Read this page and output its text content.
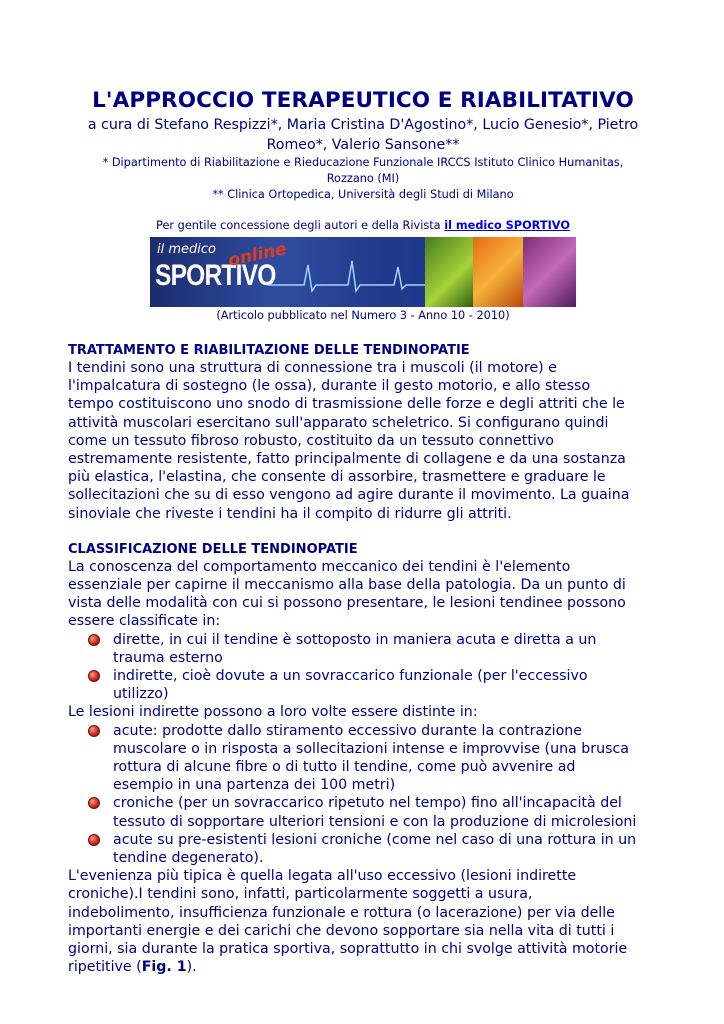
L'APPROCCIO TERAPEUTICO E RIABILITATIVO
a cura di Stefano Respizzi*, Maria Cristina D'Agostino*, Lucio Genesio*, Pietro
Romeo*, Valerio Sansone**
* Dipartimento di Riabilitazione e Rieducazione Funzionale IRCCS Istituto Clinico Humanitas,
Rozzano (MI)
** Clinica Ortopedica, Università degli Studi di Milano
Per gentile concessione degli autori e della Rivista il medico SPORTIVO
il medico
SPORTIVO
online
(Articolo pubblicato nel Numero 3 - Anno 10 - 2010)
TRATTAMENTO E RIABILITAZIONE DELLE TENDINOPATIE

I tendini sono una struttura di connessione tra i muscoli (il motore) e
l'impalcatura di sostegno (le ossa), durante il gesto motorio, e allo stesso
tempo costituiscono uno snodo di trasmissione delle forze e degli attriti che le
attività muscolari esercitano sull'apparato scheletrico. Si configurano quindi
come un tessuto fibroso robusto, costituito da un tessuto connettivo
estremamente resistente, fatto principalmente di collagene e da una sostanza
più elastica, l'elastina, che consente di assorbire, trasmettere e graduare le
sollecitazioni che su di esso vengono ad agire durante il movimento. La guaina
sinoviale che riveste i tendini ha il compito di ridurre gli attriti.

CLASSIFICAZIONE DELLE TENDINOPATIE

La conoscenza del comportamento meccanico dei tendini è l'elemento
essenziale per capirne il meccanismo alla base della patologia. Da un punto di
vista delle modalità con cui si possono presentare, le lesioni tendinee possono
essere classificate in:

dirette, in cui il tendine è sottoposto in maniera acuta e diretta a un
trauma esterno
indirette, cioè dovute a un sovraccarico funzionale (per l'eccessivo
utilizzo)

Le lesioni indirette possono a loro volte essere distinte in:

acute: prodotte dallo stiramento eccessivo durante la contrazione
muscolare o in risposta a sollecitazioni intense e improvvise (una brusca
rottura di alcune fibre o di tutto il tendine, come può avvenire ad
esempio in una partenza dei 100 metri)
croniche (per un sovraccarico ripetuto nel tempo) fino all'incapacità del
tessuto di sopportare ulteriori tensioni e con la produzione di microlesioni
acute su pre-esistenti lesioni croniche (come nel caso di una rottura in un
tendine degenerato).

L'evenienza più tipica è quella legata all'uso eccessivo (lesioni indirette
croniche).I tendini sono, infatti, particolarmente soggetti a usura,
indebolimento, insufficienza funzionale e rottura (o lacerazione) per via delle
importanti energie e dei carichi che devono sopportare sia nella vita di tutti i
giorni, sia durante la pratica sportiva, soprattutto in chi svolge attività motorie
ripetitive (Fig. 1).
